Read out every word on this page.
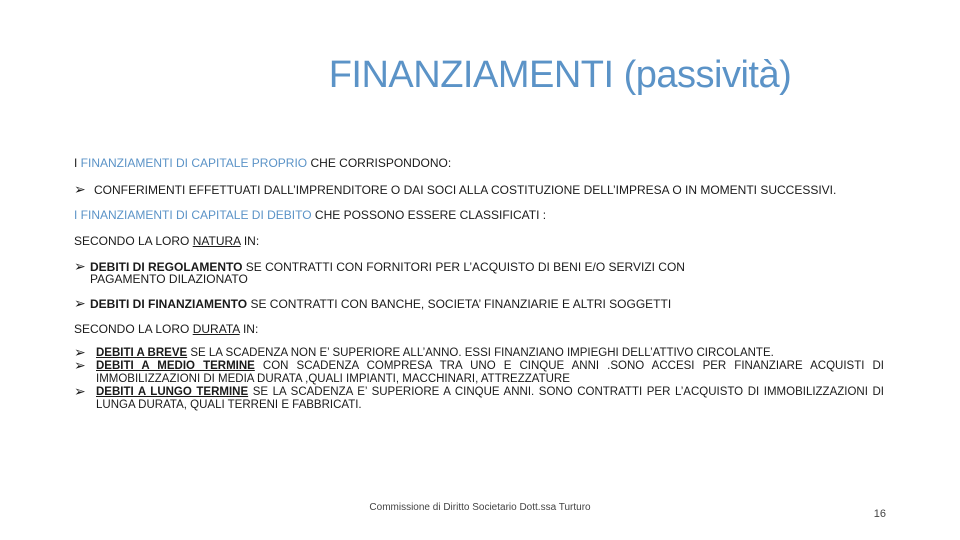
FINANZIAMENTI (passività)
I FINANZIAMENTI DI CAPITALE PROPRIO CHE CORRISPONDONO:
➢ CONFERIMENTI EFFETTUATI DALL’IMPRENDITORE O DAI SOCI ALLA COSTITUZIONE DELL’IMPRESA O IN MOMENTI SUCCESSIVI.
I FINANZIAMENTI DI CAPITALE DI DEBITO CHE POSSONO ESSERE CLASSIFICATI :
SECONDO LA LORO NATURA IN:
➢ DEBITI DI REGOLAMENTO SE CONTRATTI CON FORNITORI PER L’ACQUISTO DI BENI E/O SERVIZI CON
PAGAMENTO DILAZIONATO
➢ DEBITI DI FINANZIAMENTO SE CONTRATTI CON BANCHE, SOCIETA’ FINANZIARIE E ALTRI SOGGETTI
SECONDO LA LORO DURATA IN:
➢ DEBITI A BREVE SE LA SCADENZA NON E’ SUPERIORE ALL’ANNO. ESSI FINANZIANO IMPIEGHI DELL’ATTIVO CIRCOLANTE.
➢ DEBITI A MEDIO TERMINE CON SCADENZA COMPRESA TRA UNO E CINQUE ANNI .SONO ACCESI PER FINANZIARE ACQUISTI DI IMMOBILIZZAZIONI DI MEDIA DURATA ,QUALI IMPIANTI, MACCHINARI, ATTREZZATURE
➢ DEBITI A LUNGO TERMINE SE LA SCADENZA E’ SUPERIORE A CINQUE ANNI. SONO CONTRATTI PER L’ACQUISTO DI IMMOBILIZZAZIONI DI LUNGA DURATA, QUALI TERRENI E FABBRICATI.
Commissione di Diritto Societario Dott.ssa Turturo
16
